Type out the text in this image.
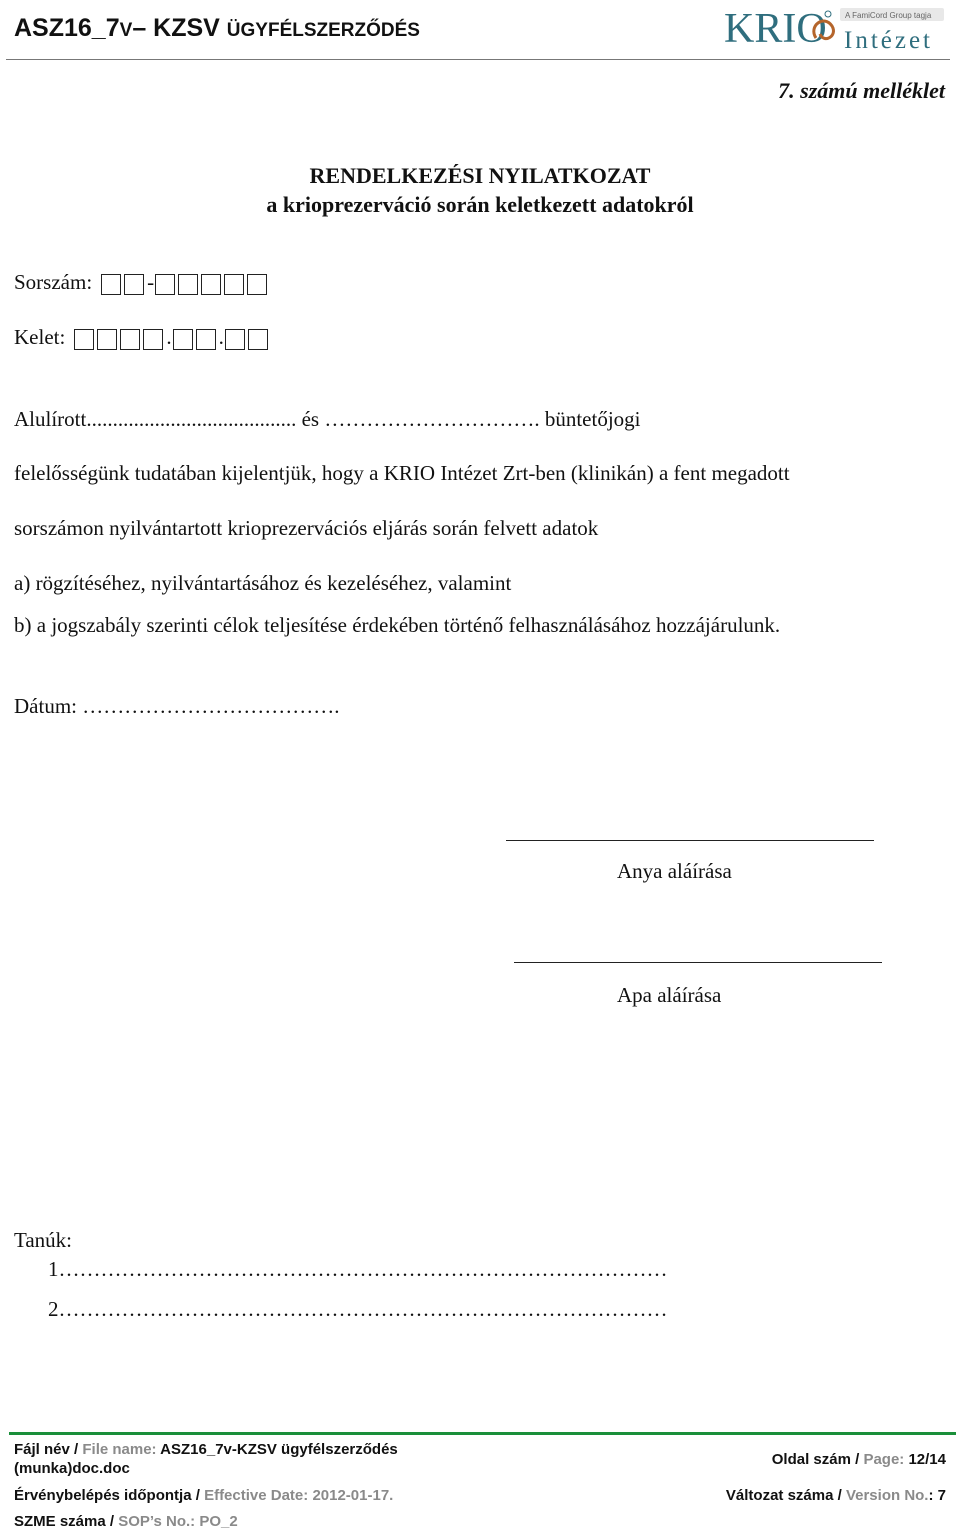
ASZ16_7V– KZSV ÜGYFÉLSZERZŐDÉS	KRIO A FamiCord Group tagja
Intézet
7. számú melléklet
RENDELKEZÉSI NYILATKOZAT
a krioprezerváció során keletkezett adatokról
Sorszám:	-
Kelet:	. .
Alulírott........................................ és …………………………. büntetőjogi
felelősségünk tudatában kijelentjük, hogy a KRIO Intézet Zrt-ben (klinikán) a fent megadott
sorszámon nyilvántartott krioprezervációs eljárás során felvett adatok
a) rögzítéséhez, nyilvántartásához és kezeléséhez, valamint
b) a jogszabály szerinti célok teljesítése érdekében történő felhasználásához hozzájárulunk.
Dátum: ……………………………….
Anya aláírása
Apa aláírása
Tanúk:
1……………………………………………………………………………
2……………………………………………………………………………
Fájl név / File name: ASZ16_7v-KZSV ügyfélszerződés
(munka)doc.doc
Oldal szám / Page: 12/14
Érvénybelépés időpontja / Effective Date: 2012-01-17.	Változat száma / Version No.: 7
SZME száma / SOP’s No.: PO_2
